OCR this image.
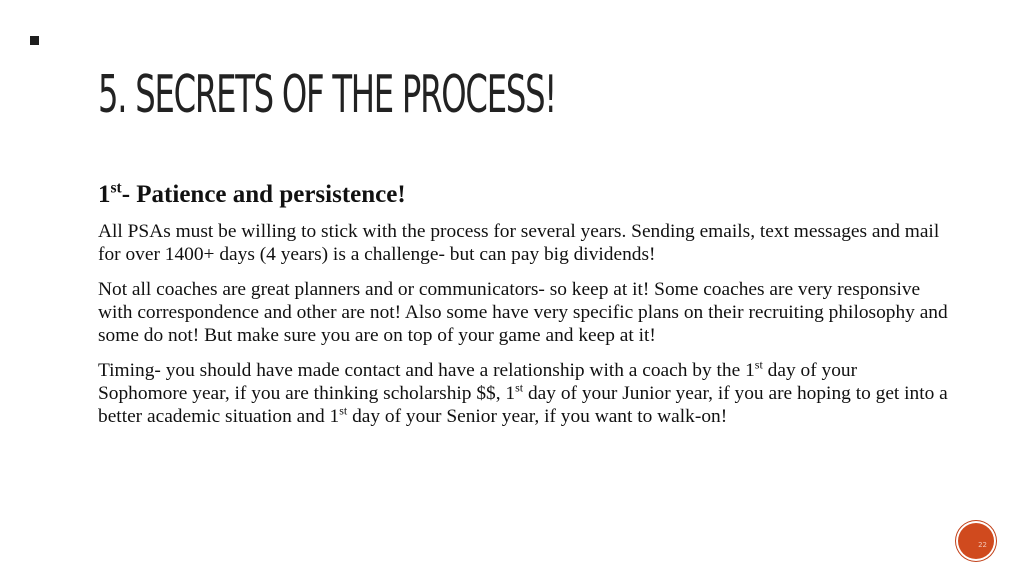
5. SECRETS OF THE PROCESS!

1st- Patience and persistence!

All PSAs must be willing to stick with the process for several years. Sending emails, text messages and mail for over 1400+ days (4 years) is a challenge- but can pay big dividends!

Not all coaches are great planners and or communicators- so keep at it! Some coaches are very responsive with correspondence and other are not! Also some have very specific plans on their recruiting philosophy and some do not! But make sure you are on top of your game and keep at it!

Timing- you should have made contact and have a relationship with a coach by the 1st day of your Sophomore year, if you are thinking scholarship $$, 1st day of your Junior year, if you are hoping to get into a better academic situation and 1st day of your Senior year, if you want to walk-on!

22
